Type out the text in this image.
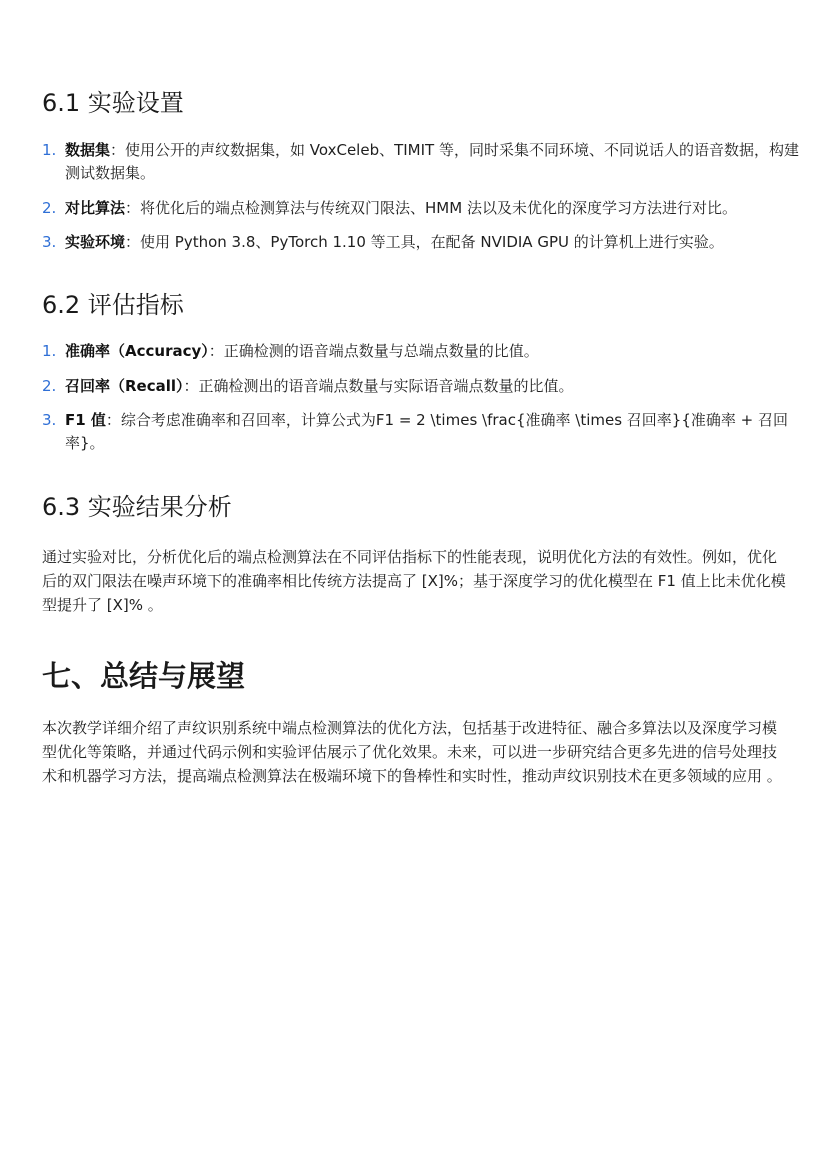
6.1 实验设置
1. 数据集：使用公开的声纹数据集，如 VoxCeleb、TIMIT 等，同时采集不同环境、不同说话人的语音数据，构建测试数据集。
2. 对比算法：将优化后的端点检测算法与传统双门限法、HMM 法以及未优化的深度学习方法进行对比。
3. 实验环境：使用 Python 3.8、PyTorch 1.10 等工具，在配备 NVIDIA GPU 的计算机上进行实验。
6.2 评估指标
1. 准确率（Accuracy）：正确检测的语音端点数量与总端点数量的比值。
2. 召回率（Recall）：正确检测出的语音端点数量与实际语音端点数量的比值。
3. F1 值：综合考虑准确率和召回率，计算公式为F1 = 2 \times \frac{准确率 \times 召回率}{准确率 + 召回率}。
6.3 实验结果分析

通过实验对比，分析优化后的端点检测算法在不同评估指标下的性能表现，说明优化方法的有效性。例如，优化后的双门限法在噪声环境下的准确率相比传统方法提高了 [X]%；基于深度学习的优化模型在 F1 值上比未优化模型提升了 [X]% 。

七、总结与展望

本次教学详细介绍了声纹识别系统中端点检测算法的优化方法，包括基于改进特征、融合多算法以及深度学习模型优化等策略，并通过代码示例和实验评估展示了优化效果。未来，可以进一步研究结合更多先进的信号处理技术和机器学习方法，提高端点检测算法在极端环境下的鲁棒性和实时性，推动声纹识别技术在更多领域的应用 。
